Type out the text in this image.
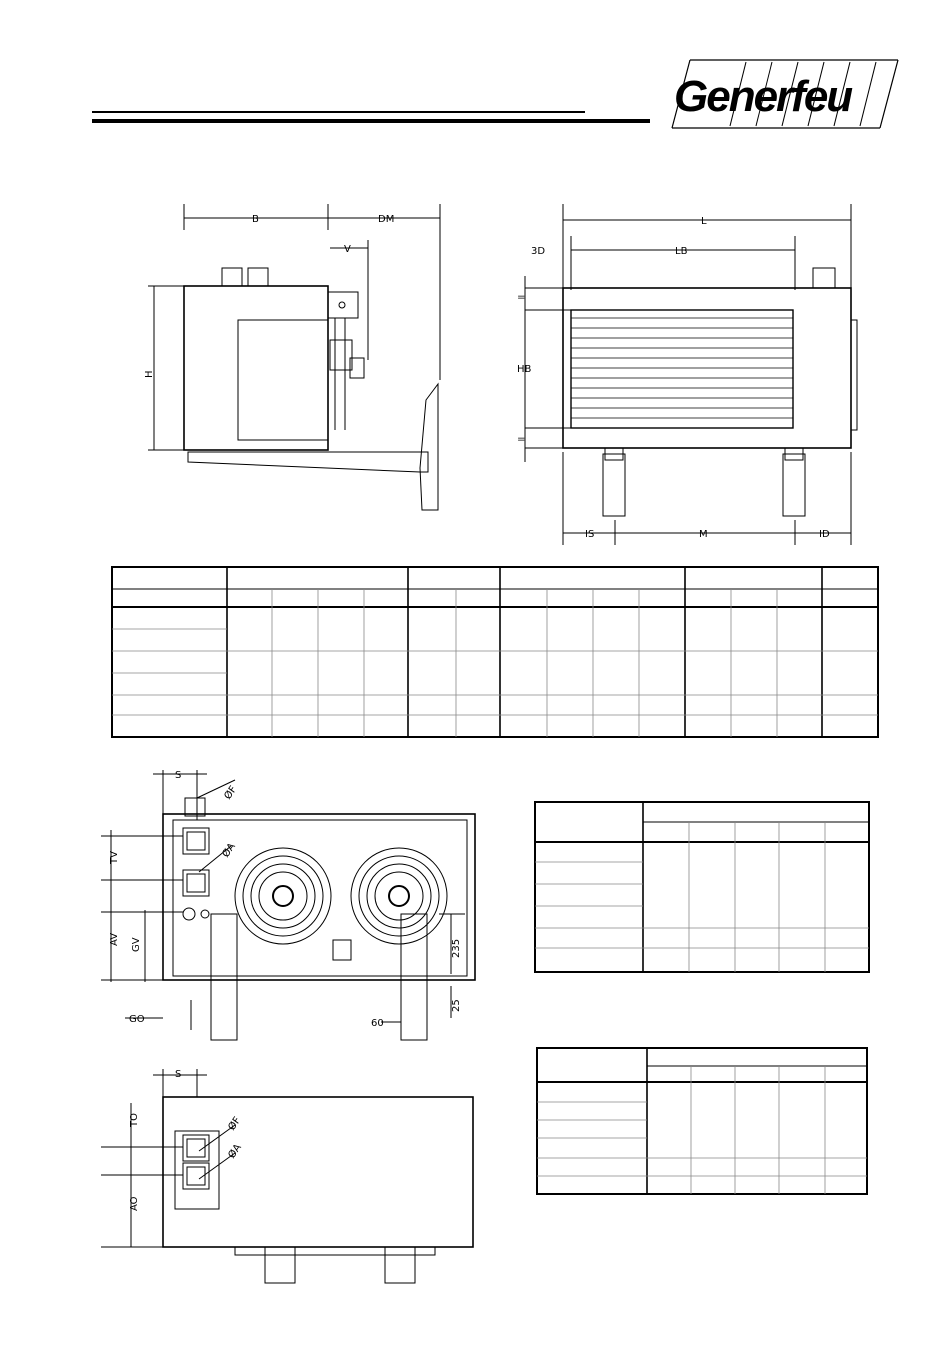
Generfeu
B	DM
V
H
L
3D	LB
=
HB
=
IS	M	ID
S
ØF
ØA
TV
AV GV
GO	60
235
25
S
ØF
ØA
TO
AO
